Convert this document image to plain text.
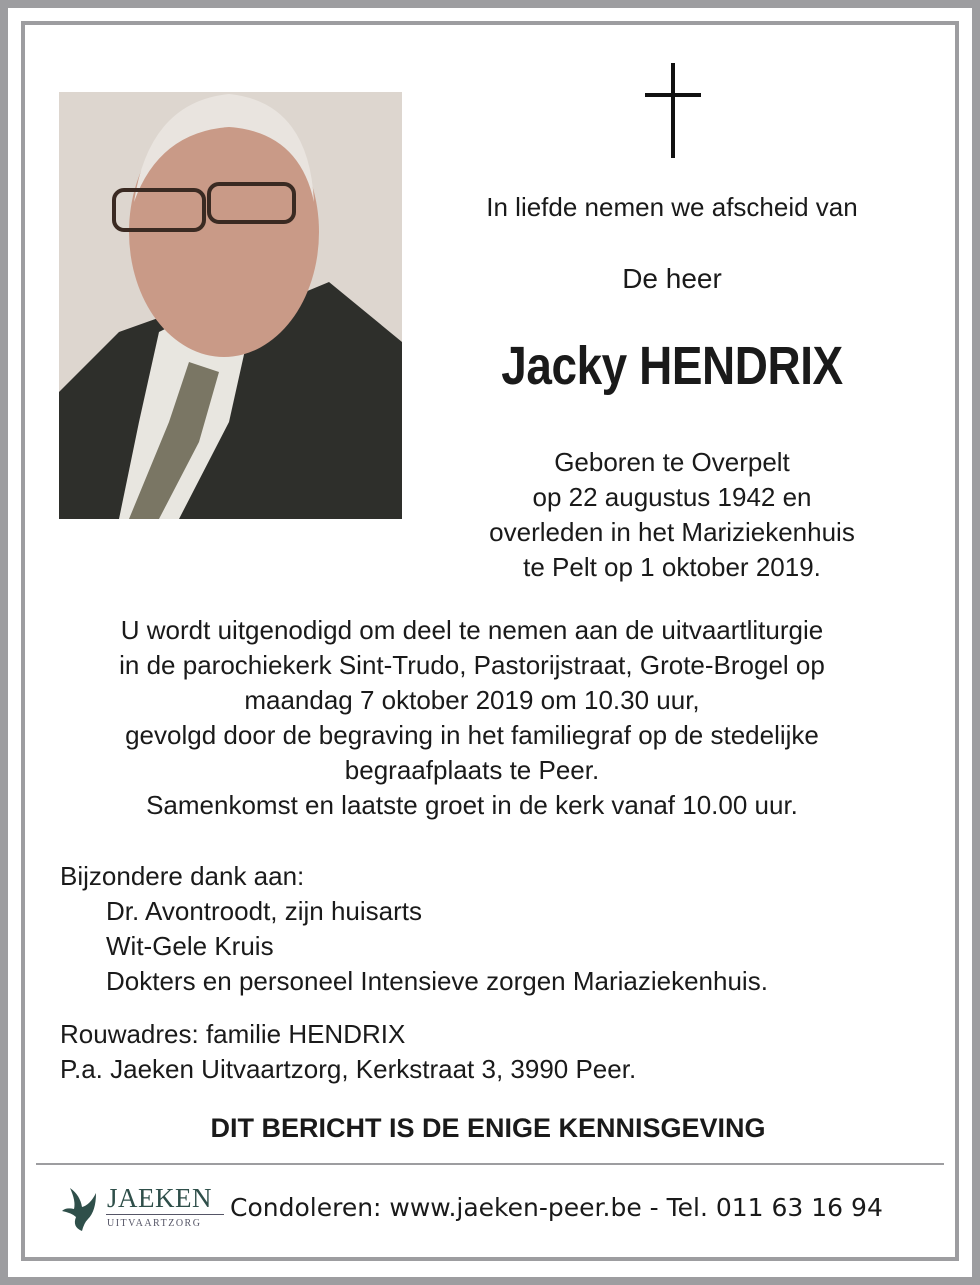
In liefde nemen we afscheid van
De heer
Jacky HENDRIX
Geboren te Overpelt
op 22 augustus 1942 en
overleden in het Mariziekenhuis
te Pelt op 1 oktober 2019.
U wordt uitgenodigd om deel te nemen aan de uitvaartliturgie
in de parochiekerk Sint-Trudo, Pastorijstraat, Grote-Brogel op
maandag 7 oktober 2019 om 10.30 uur,
gevolgd door de begraving in het familiegraf op de stedelijke
begraafplaats te Peer.
Samenkomst en laatste groet in de kerk vanaf 10.00 uur.
Bijzondere dank aan:
Dr. Avontroodt, zijn huisarts
Wit-Gele Kruis
Dokters en personeel Intensieve zorgen Mariaziekenhuis.
Rouwadres: familie HENDRIX
P.a. Jaeken Uitvaartzorg, Kerkstraat 3, 3990 Peer.
DIT BERICHT IS DE ENIGE KENNISGEVING
JAEKEN
UITVAARTZORG
Condoleren: www.jaeken-peer.be - Tel. 011 63 16 94
